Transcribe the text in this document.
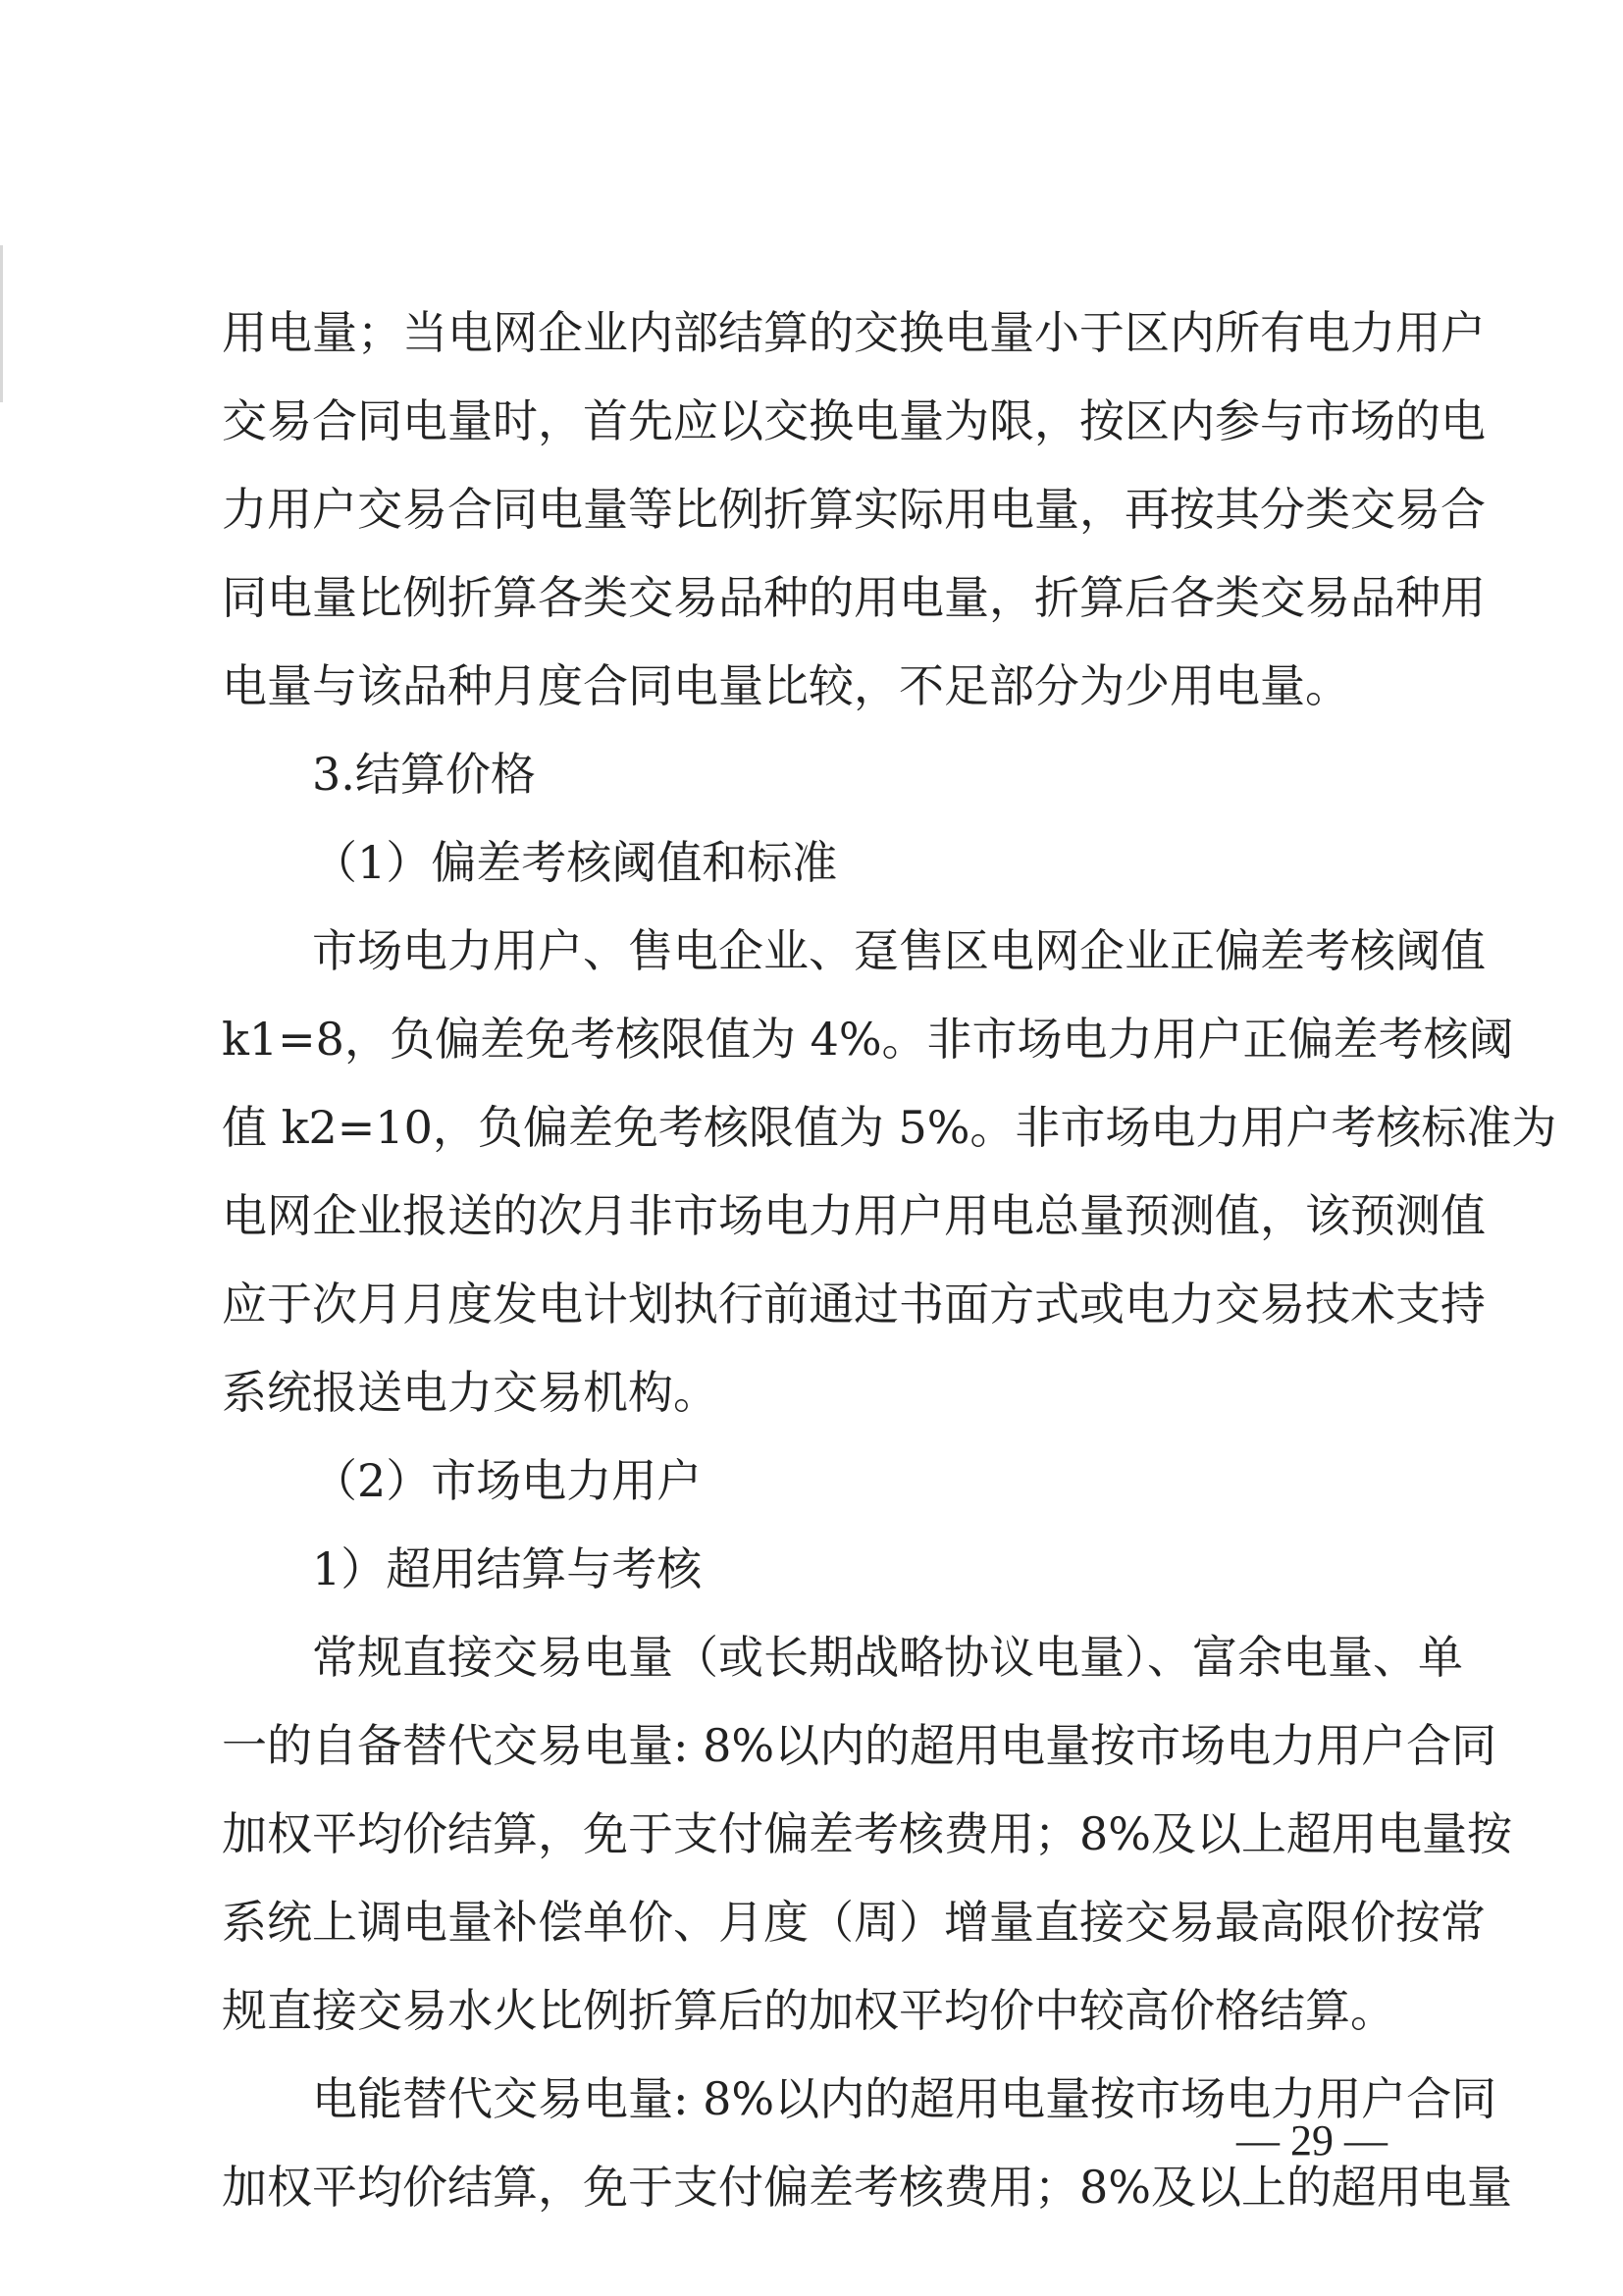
用电量；当电网企业内部结算的交换电量小于区内所有电力用户
交易合同电量时，首先应以交换电量为限，按区内参与市场的电
力用户交易合同电量等比例折算实际用电量，再按其分类交易合
同电量比例折算各类交易品种的用电量，折算后各类交易品种用
电量与该品种月度合同电量比较，不足部分为少用电量。
3.结算价格
（1）偏差考核阈值和标准
市场电力用户、售电企业、趸售区电网企业正偏差考核阈值
k1=8，负偏差免考核限值为 4%。非市场电力用户正偏差考核阈
值 k2=10，负偏差免考核限值为 5%。非市场电力用户考核标准为
电网企业报送的次月非市场电力用户用电总量预测值，该预测值
应于次月月度发电计划执行前通过书面方式或电力交易技术支持
系统报送电力交易机构。
（2）市场电力用户
1）超用结算与考核
常规直接交易电量（或长期战略协议电量）、富余电量、单
一的自备替代交易电量: 8%以内的超用电量按市场电力用户合同
加权平均价结算，免于支付偏差考核费用；8%及以上超用电量按
系统上调电量补偿单价、月度（周）增量直接交易最高限价按常
规直接交易水火比例折算后的加权平均价中较高价格结算。
电能替代交易电量: 8%以内的超用电量按市场电力用户合同
加权平均价结算，免于支付偏差考核费用；8%及以上的超用电量
— 29 —
